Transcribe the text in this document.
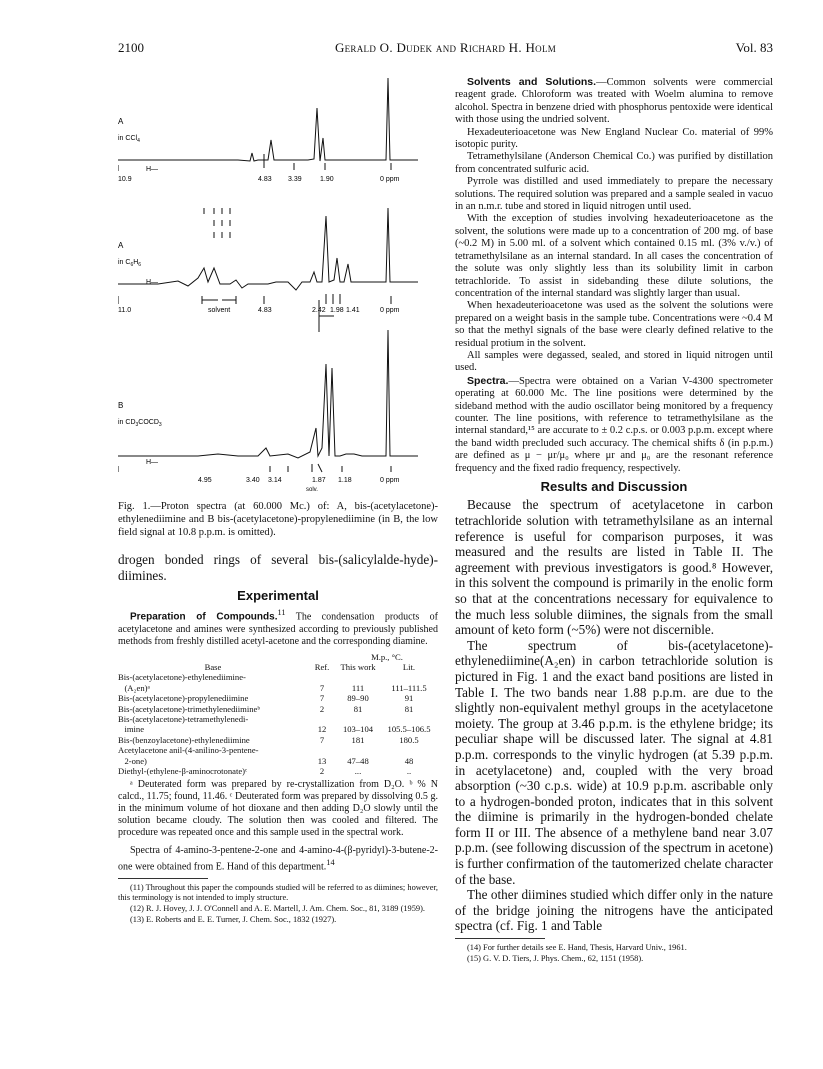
2100	Gerald O. Dudek and Richard H. Holm	Vol. 83
A
in CCl$_4$
H—
10.9	4.83 3.39	1.90	0 ppm
A
in $C_6H_6$
H—
11.0	solvent	4.83	2.42 1.98 1.41	0 ppm
B
in $CD_3COCD_3$
H—
4.95	3.40 3.14	1.87 1.18	0 ppm
solv.
Fig. 1.—Proton spectra (at 60.000 Mc.) of: A, bis-(acetylacetone)-ethylenediimine and B bis-(acetylacetone)-propylenediimine (in B, the low field signal at 10.8 p.p.m. is omitted).

drogen bonded rings of several bis-(salicylalde-hyde)-diimines.

Experimental

Preparation of Compounds.$^{11}$ The condensation products of acetylacetone and amines were synthesized according to previously published methods from freshly distilled acetyl-acetone and the corresponding diamine.

		M.p., °C.	
Base	Ref.	This work	Lit.
Bis-(acetylacetone)-ethylenediimine-			
(A₂en)ᵃ	7	111	111–111.5
Bis-(acetylacetone)-propylenediimine	7	89–90	91
Bis-(acetylacetone)-trimethylenediimineᵇ	2	81	81
Bis-(acetylacetone)-tetramethylenedi-			
imine	12	103–104	105.5–106.5
Bis-(benzoylacetone)-ethylenediimine	7	181	180.5
Acetylacetone anil-(4-anilino-3-pentene-			
2-one)	13	47–48	48
Diethyl-(ethylene-β-aminocrotonate)ᶜ	2	...	..

ᵃ Deuterated form was prepared by re-crystallization from D₂O. ᵇ % N calcd., 11.75; found, 11.46. ᶜ Deuterated form was prepared by dissolving 0.5 g. in the minimum volume of hot dioxane and then adding D₂O slowly until the solution became cloudy. The solution then was cooled and filtered. The procedure was repeated once and this sample used in the spectral work.

Spectra of 4-amino-3-pentene-2-one and 4-amino-4-(β-pyridyl)-3-butene-2-one were obtained from E. Hand of this department.$^{14}$

(11) Throughout this paper the compounds studied will be referred to as diimines; however, this terminology is not intended to imply structure.

(12) R. J. Hovey, J. J. O'Connell and A. E. Martell, J. Am. Chem. Soc., 81, 3189 (1959).

(13) E. Roberts and E. E. Turner, J. Chem. Soc., 1832 (1927).

Solvents and Solutions.—Common solvents were commercial reagent grade. Chloroform was treated with Woelm alumina to remove alcohol. Spectra in benzene dried with phosphorus pentoxide were identical with those using the undried solvent.

Hexadeuterioacetone was New England Nuclear Co. material of 99% isotopic purity.

Tetramethylsilane (Anderson Chemical Co.) was purified by distillation from concentrated sulfuric acid.

Pyrrole was distilled and used immediately to prepare the necessary solutions. The required solution was prepared and a sample sealed in vacuo in an n.m.r. tube and stored in liquid nitrogen until used.

With the exception of studies involving hexadeuterioacetone as the solvent, the solutions were made up to a concentration of 200 mg. of base (~0.2 M) in 5.00 ml. of a solvent which contained 0.15 ml. (3% v./v.) of tetramethylsilane as an internal standard. In all cases the concentration of the solute was only slightly less than its solubility limit in carbon tetrachloride. To assist in sidebanding these dilute solutions, the concentration of the internal standard was slightly larger than usual.

When hexadeuterioacetone was used as the solvent the solutions were prepared on a weight basis in the sample tube. Concentrations were ~0.4 M so that the methyl signals of the base were clearly defined relative to the residual protium in the solvent.

All samples were degassed, sealed, and stored in liquid nitrogen until used.

Spectra.—Spectra were obtained on a Varian V-4300 spectrometer operating at 60.000 Mc. The line positions were determined by the sideband method with the audio oscillator being monitored by a frequency counter. The line positions, with reference to tetramethylsilane as the internal standard,¹⁵ are accurate to ± 0.2 c.p.s. or 0.003 p.p.m. except where the band width precluded such accuracy. The chemical shifts δ (in p.p.m.) are defined as μ − μr/μ₀ where μr and μ₀ are the resonant reference frequency and the fixed radio frequency, respectively.

Results and Discussion

Because the spectrum of acetylacetone in carbon tetrachloride solution with tetramethylsilane as an internal reference is useful for comparison purposes, it was measured and the results are listed in Table II. The agreement with previous investigators is good.⁸ However, in this solvent the compound is primarily in the enolic form so that at the concentrations necessary for equivalence to the much less soluble diimines, the signals from the small amount of keto form (~5%) were not discernible.

The spectrum of bis-(acetylacetone)-ethylenediimine(A₂en) in carbon tetrachloride solution is pictured in Fig. 1 and the exact band positions are listed in Table I. The two bands near 1.88 p.p.m. are due to the slightly non-equivalent methyl groups in the acetylacetone moiety. The group at 3.46 p.p.m. is the ethylene bridge; its peculiar shape will be discussed later. The signal at 4.81 p.p.m. corresponds to the vinylic hydrogen (at 5.39 p.p.m. in acetylacetone) and, coupled with the very broad absorption (~30 c.p.s. wide) at 10.9 p.p.m. ascribable only to a hydrogen-bonded proton, indicates that in this solvent the diimine is primarily in the hydrogen-bonded chelate form II or III. The absence of a methylene band near 3.07 p.p.m. (see following discussion of the spectrum in acetone) is further confirmation of the tautomerized chelate character of the base.

The other diimines studied which differ only in the nature of the bridge joining the nitrogens have the anticipated spectra (cf. Fig. 1 and Table

(14) For further details see E. Hand, Thesis, Harvard Univ., 1961.

(15) G. V. D. Tiers, J. Phys. Chem., 62, 1151 (1958).
